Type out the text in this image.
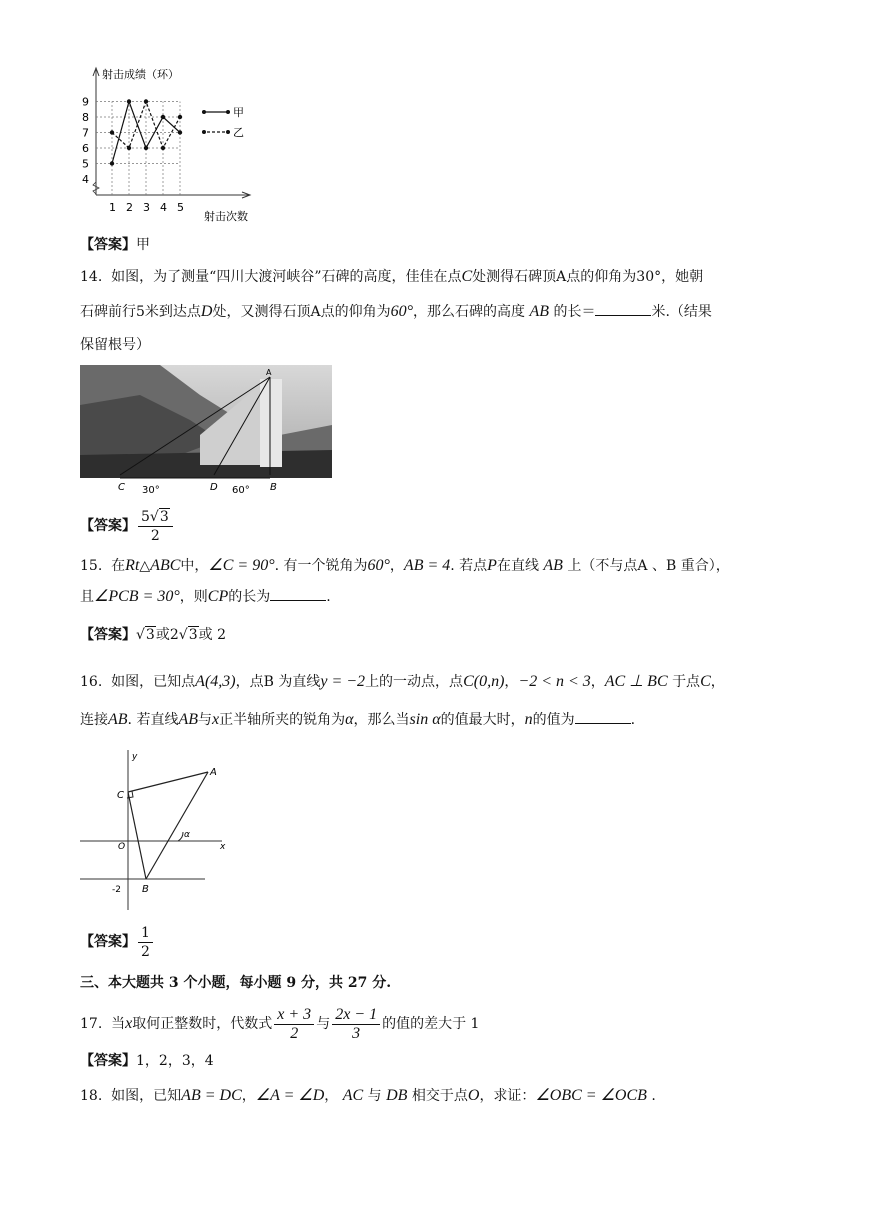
4
5
6
7
8
9
1 2 3 4 5
射击成绩（环）
射击次数
甲
乙
【答案】甲
14. 如图，为了测量“四川大渡河峡谷”石碑的高度，佳佳在点C处测得石碑顶A点的仰角为30°，她朝
石碑前行5米到达点D处，又测得石顶A点的仰角为60°，那么石碑的高度 AB 的长＝	米.（结果
保留根号）
A
C 30°	D 60° B
【答案】 $\frac{5√3}{2}$
15. 在Rt△ABC中，∠C = 90°. 有一个锐角为60°，AB = 4. 若点P在直线 AB 上（不与点A 、B 重合），
且∠PCB = 30°，则CP的长为	.
【答案】√3或2√3或 2
16. 如图，已知点A(4,3)，点B 为直线y = −2上的一动点，点C(0,n)，−2 < n < 3，AC ⊥ BC 于点C，
连接AB. 若直线AB与x正半轴所夹的锐角为α，那么当sin α的值最大时，n的值为	.
y
x
A
C
O
B
-2
α
【答案】 $\frac{1}{2}$
三、本大题共 3 个小题，每小题 9 分，共 27 分.
17. 当x取何正整数时，代数式 $\frac{x + 3}{2}$ 与 $\frac{2x - 1}{3}$ 的值的差大于 1
【答案】1，2，3，4
18. 如图，已知AB = DC，∠A = ∠D， AC 与 DB 相交于点O，求证：∠OBC = ∠OCB .
